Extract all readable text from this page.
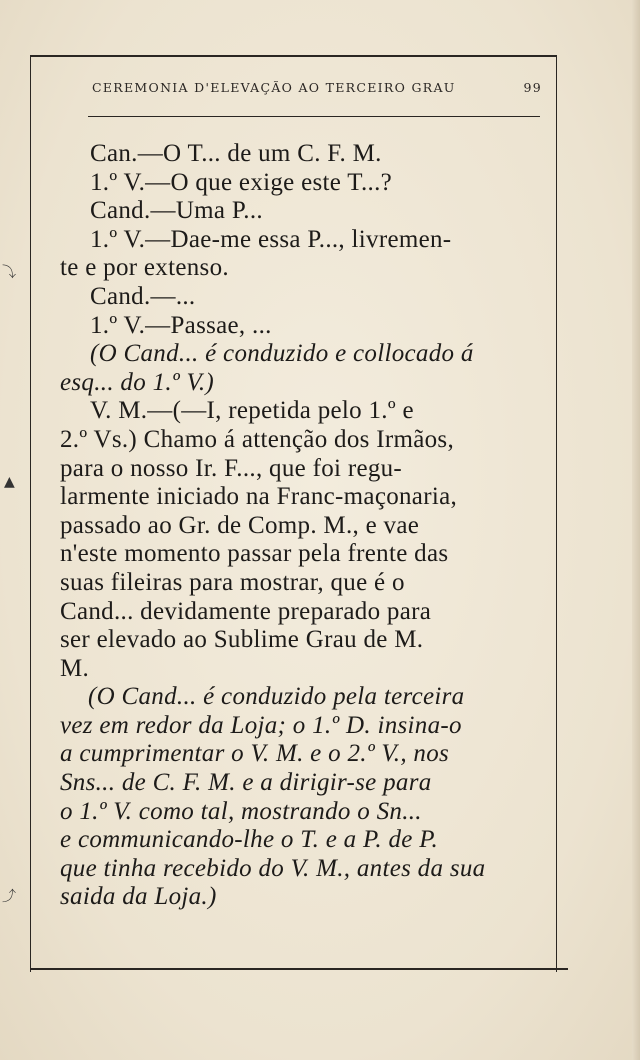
CEREMONIA D'ELEVAÇÃO AO TERCEIRO GRAU	99
⤵
▲
⤴
Can.—O T... de um C. F. M.
1.º V.—O que exige este T...?
Cand.—Uma P...
1.º V.—Dae-me essa P..., livremen-
te e por extenso.
Cand.—...
1.º V.—Passae, ...
(O Cand... é conduzido e collocado á
esq... do 1.º V.)
V. M.—(—I, repetida pelo 1.º e
2.º Vs.) Chamo á attenção dos Irmãos,
para o nosso Ir. F..., que foi regu-
larmente iniciado na Franc-maçonaria,
passado ao Gr. de Comp. M., e vae
n'este momento passar pela frente das
suas fileiras para mostrar, que é o
Cand... devidamente preparado para
ser elevado ao Sublime Grau de M.
M.
(O Cand... é conduzido pela terceira
vez em redor da Loja; o 1.º D. insina-o
a cumprimentar o V. M. e o 2.º V., nos
Sns... de C. F. M. e a dirigir-se para
o 1.º V. como tal, mostrando o Sn...
e communicando-lhe o T. e a P. de P.
que tinha recebido do V. M., antes da sua
saida da Loja.)
